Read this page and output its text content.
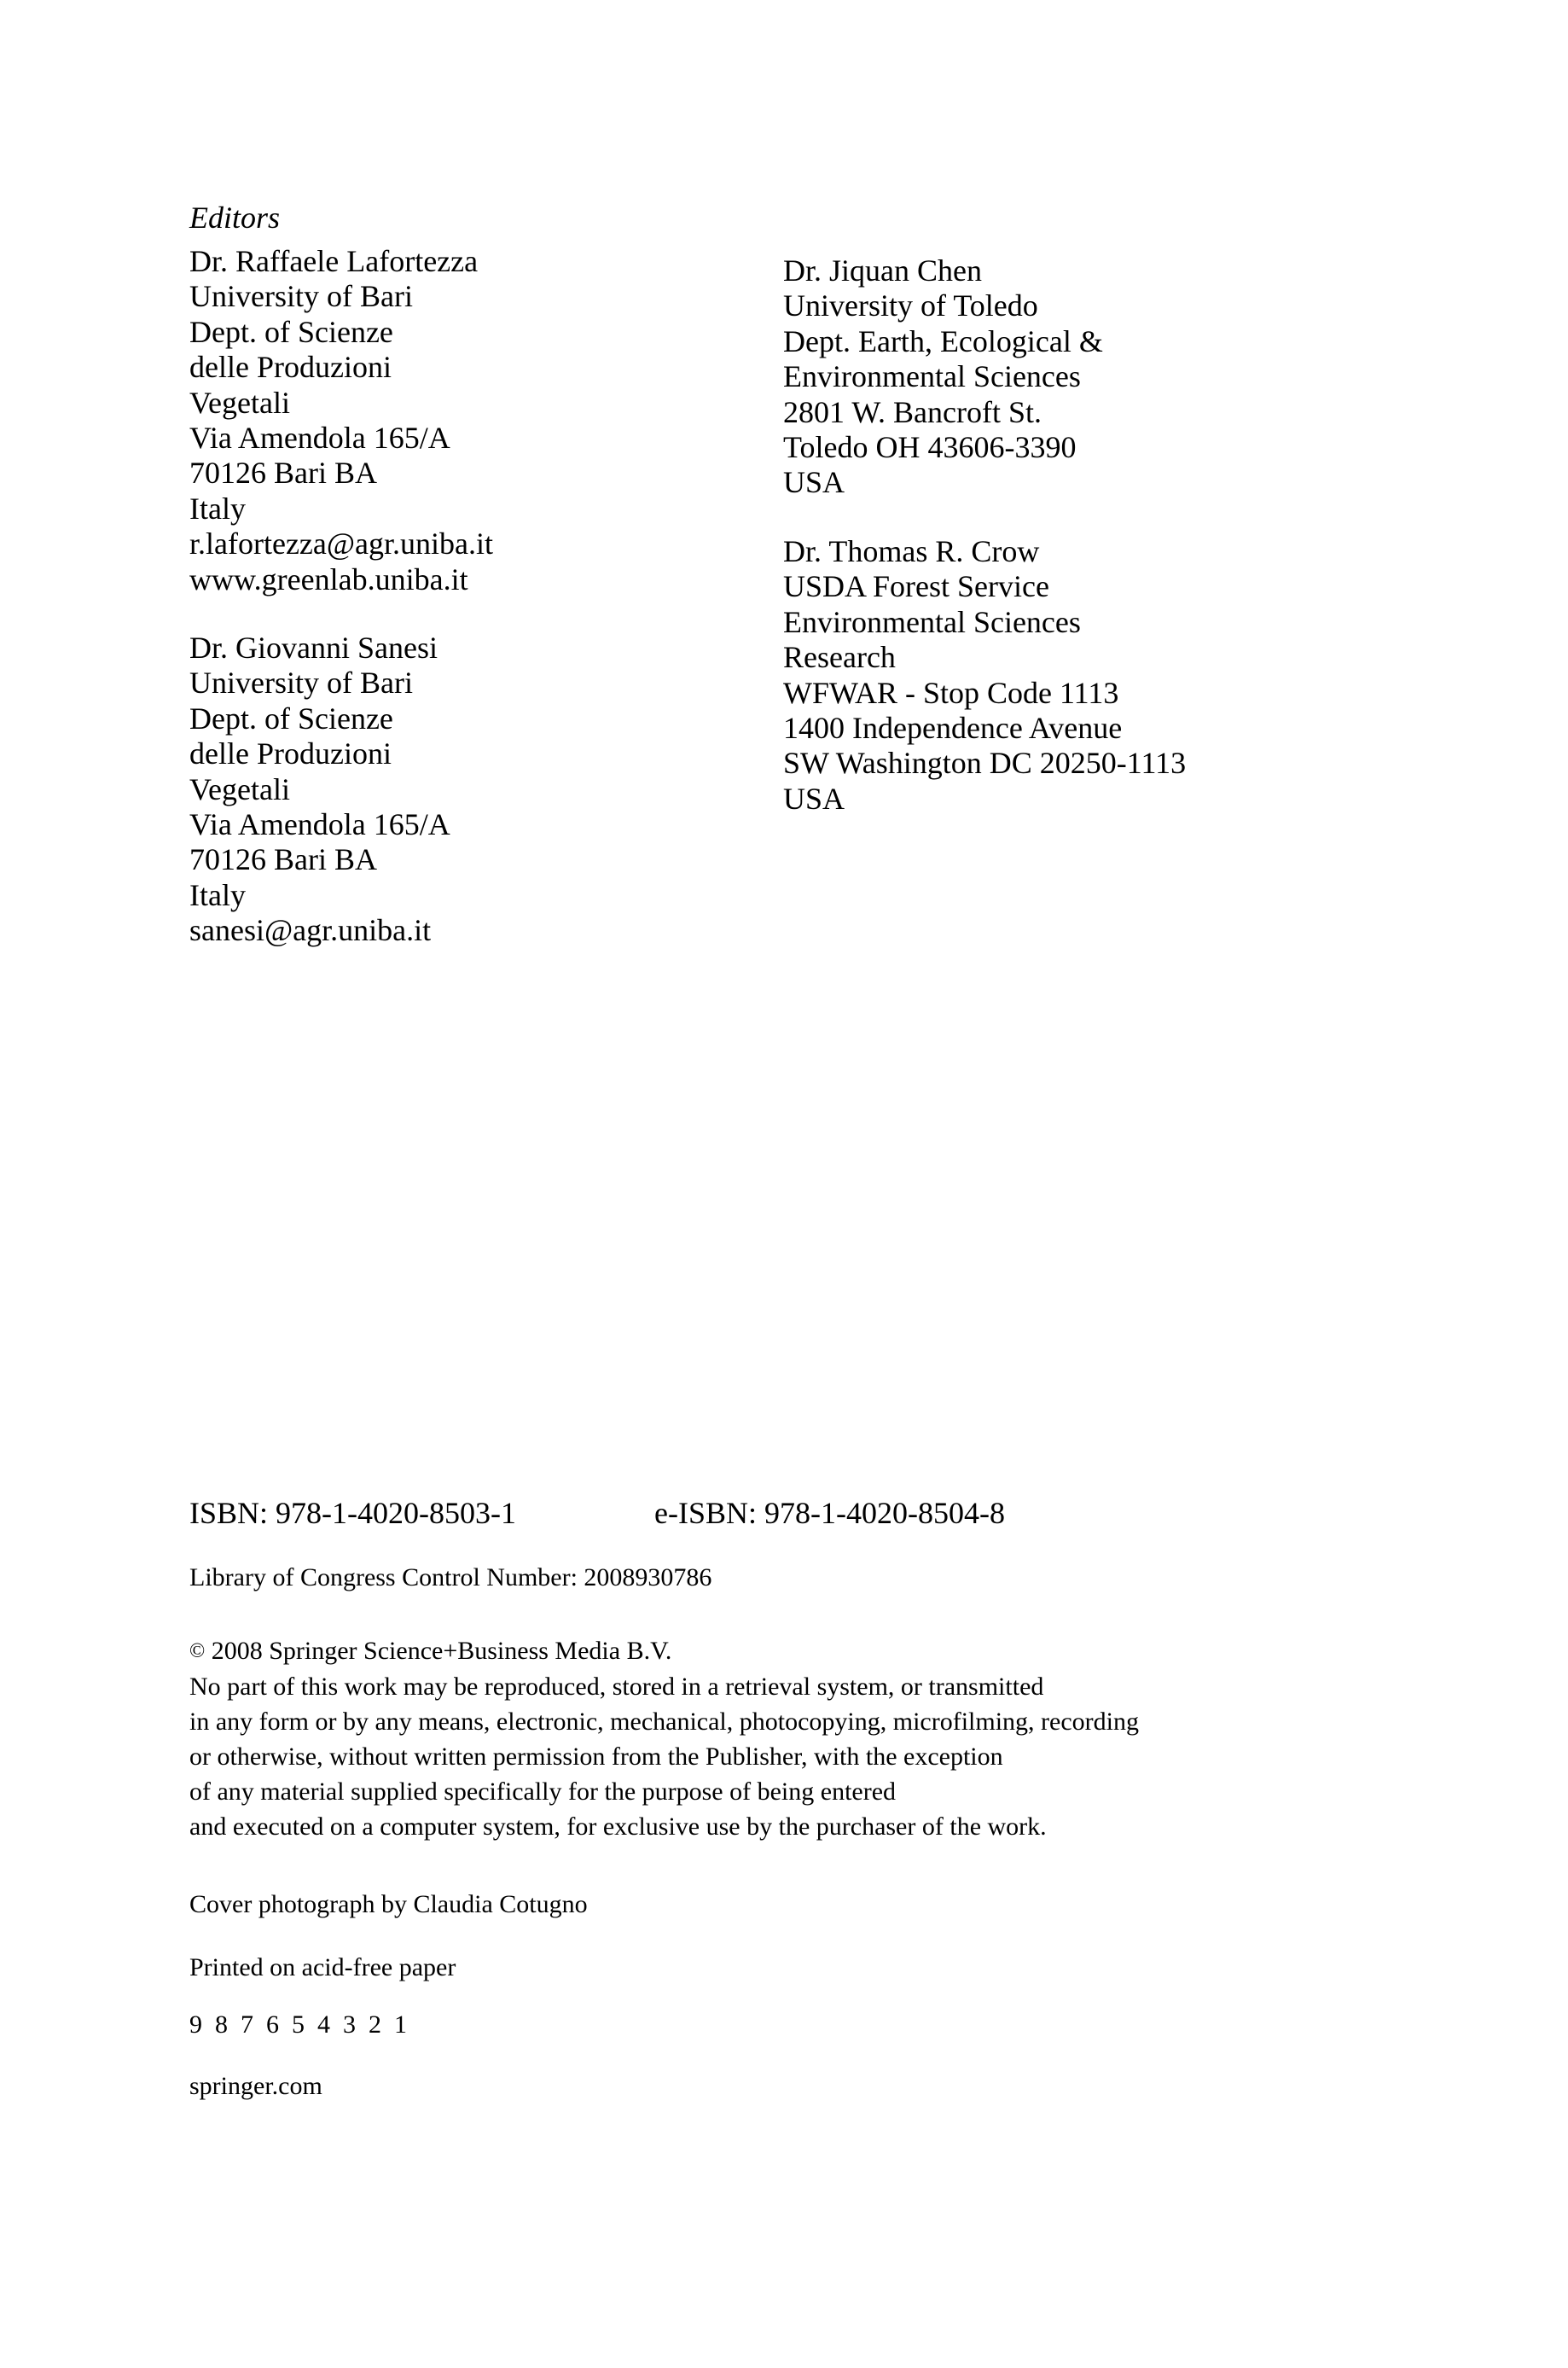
Editors
Dr. Raffaele Lafortezza
University of Bari
Dept. of Scienze
delle Produzioni
Vegetali
Via Amendola 165/A
70126 Bari BA
Italy
r.lafortezza@agr.uniba.it
www.greenlab.uniba.it
Dr. Giovanni Sanesi
University of Bari
Dept. of Scienze
delle Produzioni
Vegetali
Via Amendola 165/A
70126 Bari BA
Italy
sanesi@agr.uniba.it
Dr. Jiquan Chen
University of Toledo
Dept. Earth, Ecological &
Environmental Sciences
2801 W. Bancroft St.
Toledo OH 43606-3390
USA
Dr. Thomas R. Crow
USDA Forest Service
Environmental Sciences
Research
WFWAR - Stop Code 1113
1400 Independence Avenue
SW Washington DC 20250-1113
USA
ISBN: 978-1-4020-8503-1	e-ISBN: 978-1-4020-8504-8
Library of Congress Control Number: 2008930786
© 2008 Springer Science+Business Media B.V.
No part of this work may be reproduced, stored in a retrieval system, or transmitted
in any form or by any means, electronic, mechanical, photocopying, microfilming, recording
or otherwise, without written permission from the Publisher, with the exception
of any material supplied specifically for the purpose of being entered
and executed on a computer system, for exclusive use by the purchaser of the work.
Cover photograph by Claudia Cotugno
Printed on acid-free paper
9 8 7 6 5 4 3 2 1
springer.com
